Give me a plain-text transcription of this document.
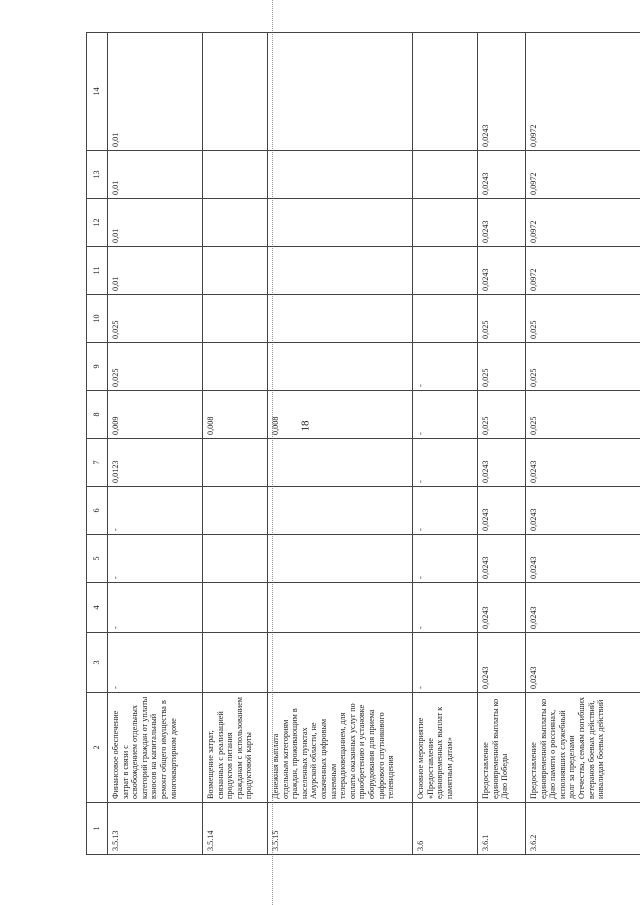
18
1	2	3	4	5	6	7	8	9	10	11	12	13	14
3.5.13	Финансовое обеспечение затрат в связи с освобождением отдельных категорий граждан от уплаты взносов на капитальный ремонт общего имущества в многоквартирном доме	-	-	-	-	0,0123	0,009	0,025	0,025	0,01	0,01	0,01	0,01
3.5.14	Возмещение затрат, связанных с реализацией продуктов питания гражданам с использованием продуктовой карты						0,008						
3.5.15	Денежная выплата отдельным категориям граждан, проживающим в населенных пунктах Амурской области, не охваченных цифровым наземным телерадиовещанием, для оплаты оказанных услуг по приобретению и установке оборудования для приема цифрового спутникового телевидения						0,008						
3.6	Основное мероприятие «Предоставление единовременных выплат к памятным датам»	-	-	-	-	-	-	-					
3.6.1	Предоставление единовременной выплаты ко Дню Победы	0,0243	0,0243	0,0243	0,0243	0,0243	0,025	0,025	0,025	0,0243	0,0243	0,0243	0,0243
3.6.2	Предоставление единовременной выплаты ко Дню памяти о россиянах, исполнявших служебный долг за пределами Отечества, семьям погибших ветеранов боевых действий, инвалидам боевых действий	0,0243	0,0243	0,0243	0,0243	0,0243	0,025	0,025	0,025	0,0972	0,0972	0,0972	0,0972
